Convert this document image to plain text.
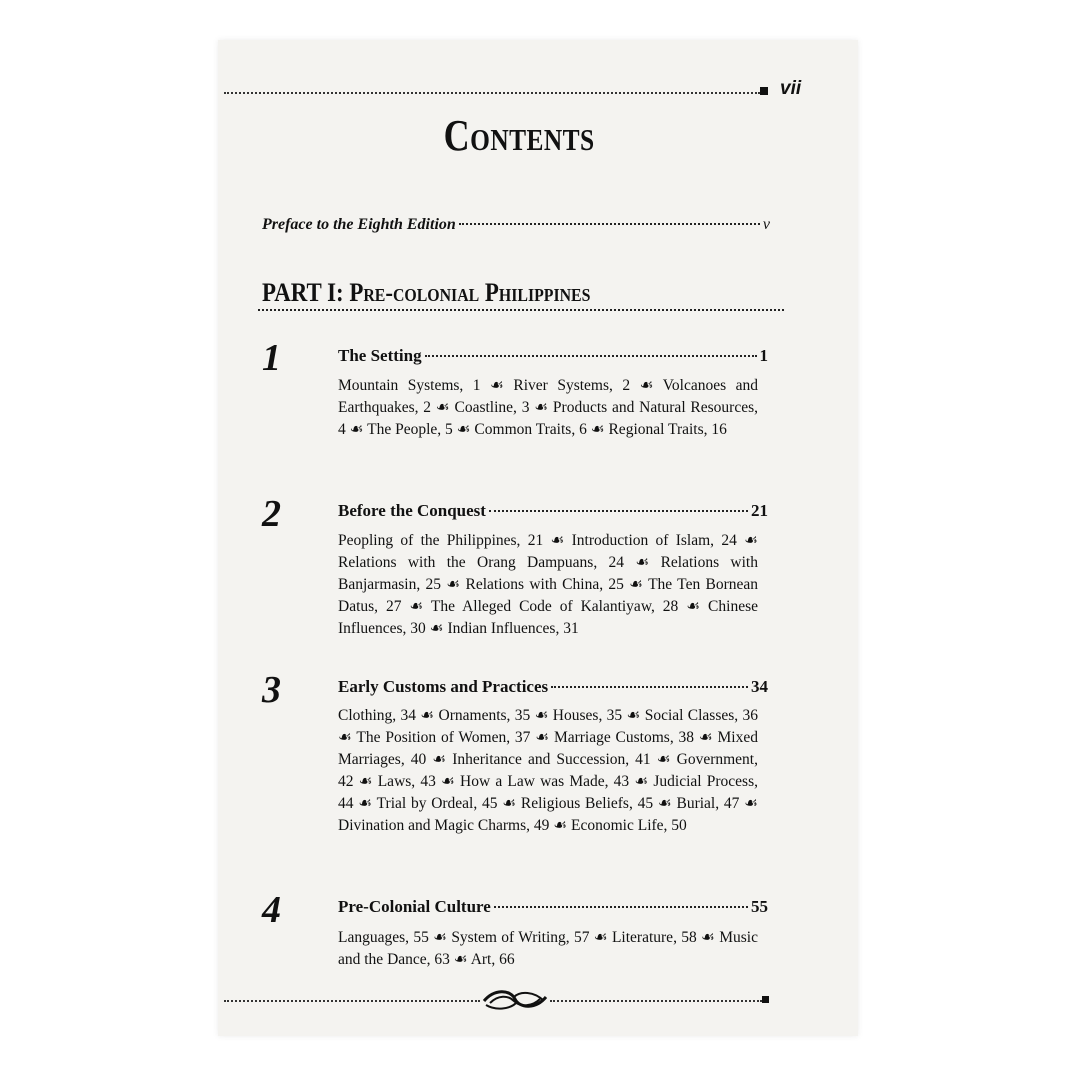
vii
Contents
Preface to the Eighth Edition	v
PART I: Pre-colonial Philippines
1	The Setting	1

Mountain Systems, 1 ☙ River Systems, 2 ☙ Volcanoes and Earthquakes, 2 ☙ Coastline, 3 ☙ Products and Natural Resources, 4 ☙ The People, 5 ☙ Common Traits, 6 ☙ Regional Traits, 16

2	Before the Conquest	21

Peopling of the Philippines, 21 ☙ Introduction of Islam, 24 ☙ Relations with the Orang Dampuans, 24 ☙ Relations with Banjarmasin, 25 ☙ Relations with China, 25 ☙ The Ten Bornean Datus, 27 ☙ The Alleged Code of Kalantiyaw, 28 ☙ Chinese Influences, 30 ☙ Indian Influences, 31

3	Early Customs and Practices	34

Clothing, 34 ☙ Ornaments, 35 ☙ Houses, 35 ☙ Social Classes, 36 ☙ The Position of Women, 37 ☙ Marriage Customs, 38 ☙ Mixed Marriages, 40 ☙ Inheritance and Succession, 41 ☙ Government, 42 ☙ Laws, 43 ☙ How a Law was Made, 43 ☙ Judicial Process, 44 ☙ Trial by Ordeal, 45 ☙ Religious Beliefs, 45 ☙ Burial, 47 ☙ Divination and Magic Charms, 49 ☙ Economic Life, 50

4	Pre-Colonial Culture	55

Languages, 55 ☙ System of Writing, 57 ☙ Literature, 58 ☙ Music and the Dance, 63 ☙ Art, 66
